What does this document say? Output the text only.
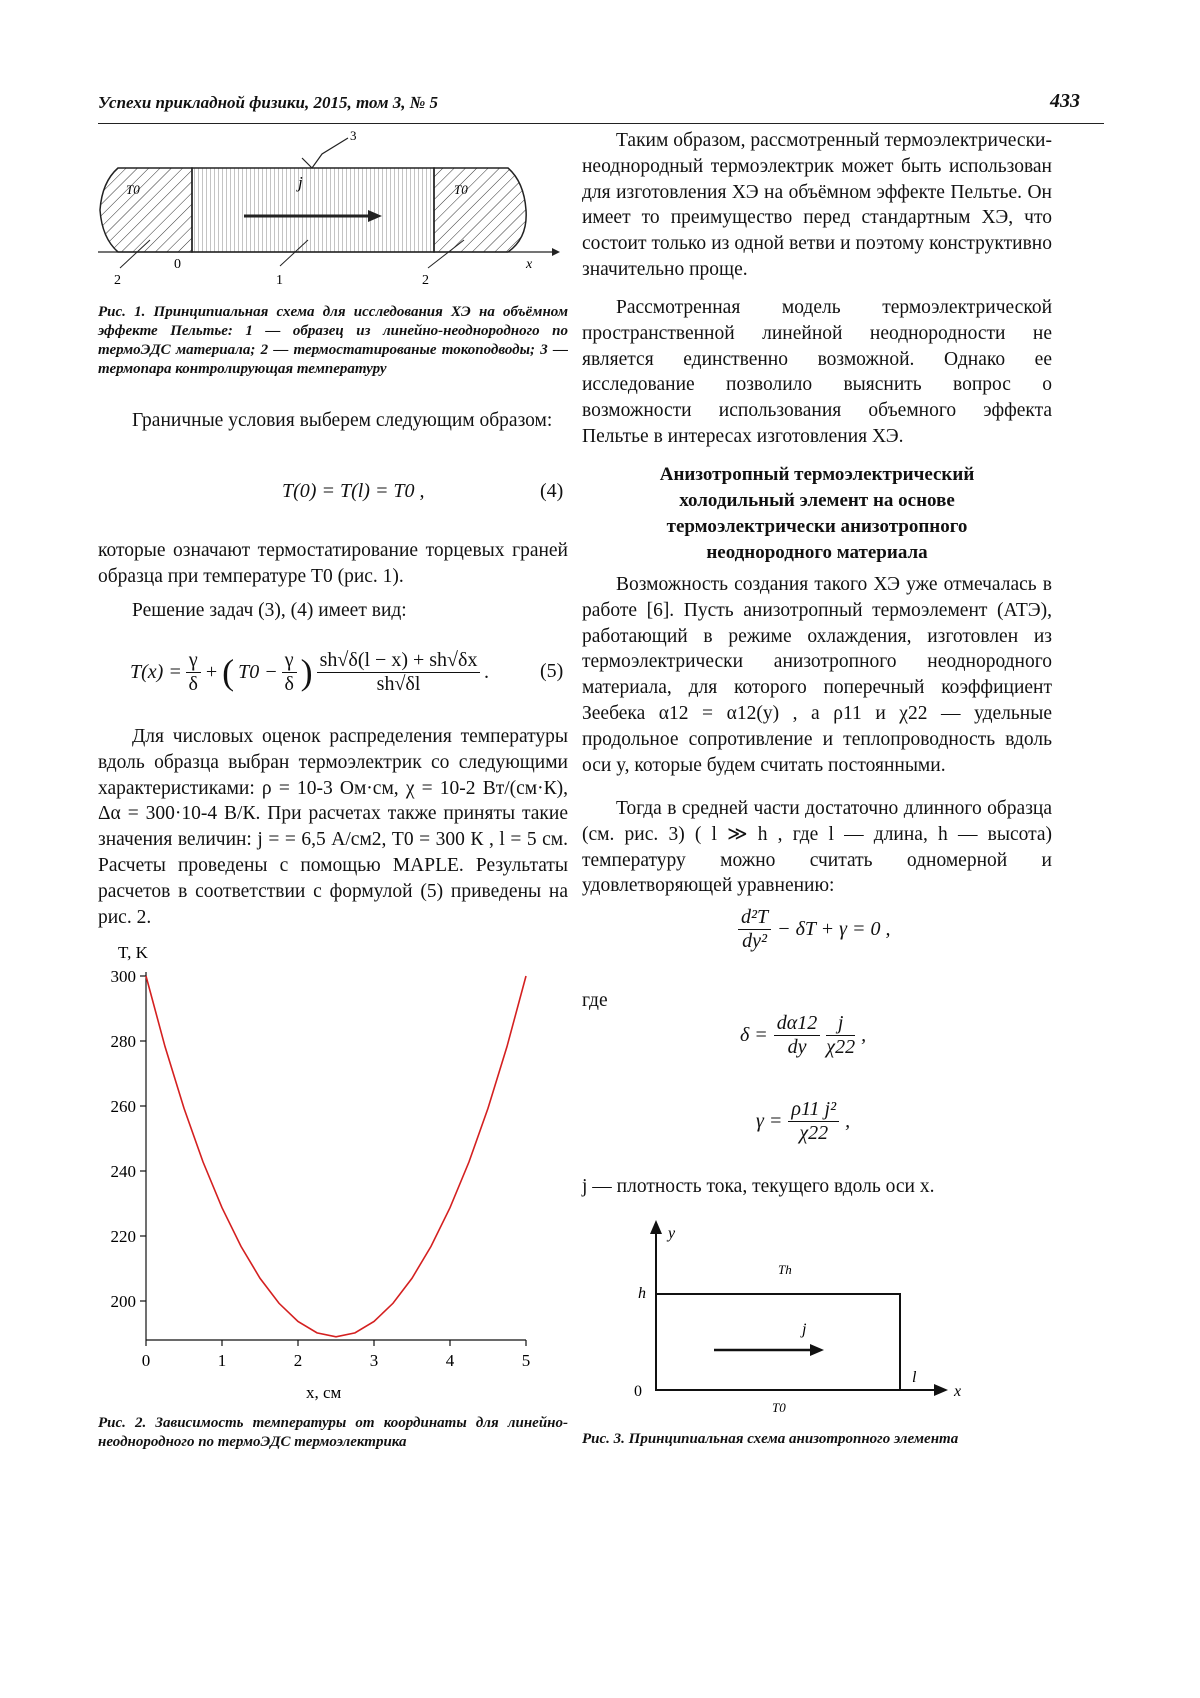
Успехи прикладной физики, 2015, том 3, № 5	433
3
j
T0	T0
0	x
2	1	2
Рис. 1. Принципиальная схема для исследования ХЭ на объёмном эффекте Пельтье: 1 — образец из линейно-неоднородного по термоЭДС материала; 2 — термостатированые токоподводы; 3 — термопара контролирующая температуру
Граничные условия выберем следующим образом:
T(0) = T(l) = T0 ,	(4)
которые означают термостатирование торцевых граней образца при температуре T0 (рис. 1).
Решение задач (3), (4) имеет вид:
$T(x) = \frac{\gamma}{\delta}$ + ( $T0 - \frac{\gamma}{\delta}$ ) $\frac{sh√\delta(l - x) + sh√\delta x}{sh√\delta l}$ .	(5)
Для числовых оценок распределения температуры вдоль образца выбран термоэлектрик со следующими характеристиками: ρ = 10-3 Ом·см, χ = 10-2 Вт/(см·К), Δα = 300·10-4 В/К. При расчетах также приняты такие значения величин: j = = 6,5 А/см2, T0 = 300 К , l = 5 см. Расчеты проведены с помощью MAPLE. Результаты расчетов в соответствии с формулой (5) приведены на рис. 2.
0	1	2	3	4	5
200
220
240
260
280
300
T, K
x, см
Рис. 2. Зависимость температуры от координаты для линейно-неоднородного по термоЭДС термоэлектрика
Таким образом, рассмотренный термоэлектрически-неоднородный термоэлектрик может быть использован для изготовления ХЭ на объёмном эффекте Пельтье. Он имеет то преимущество перед стандартным ХЭ, что состоит только из одной ветви и поэтому конструктивно значительно проще.
Рассмотренная модель термоэлектрической пространственной линейной неоднородности не является единственно возможной. Однако ее исследование позволило выяснить вопрос о возможности использования объемного эффекта Пельтье в интересах изготовления ХЭ.
Анизотропный термоэлектрический холодильный элемент на основе термоэлектрически анизотропного неоднородного материала
Возможность создания такого ХЭ уже отмечалась в работе [6]. Пусть анизотропный термоэлемент (АТЭ), работающий в режиме охлаждения, изготовлен из термоэлектрически анизотропного неоднородного материала, для которого поперечный коэффициент Зеебека α12 = α12(y) , а ρ11 и χ22 — удельные продольное сопротивление и теплопроводность вдоль оси y, которые будем считать постоянными.
Тогда в средней части достаточно длинного образца (см. рис. 3) ( l ≫ h , где l — длина, h — высота) температуру можно считать одномерной и удовлетворяющей уравнению:
$\frac{\text{d²T}}{\text{dy²}} - \delta T + \gamma = 0$ ,
где
$\delta = \frac{d\alpha 12}{dy} \frac{j}{\chi 22}$ ,
$\gamma = \frac{\text{ρ11 j²}}{\chi 22}$ ,
j — плотность тока, текущего вдоль оси x.
y
h
Th
j
l
0	x
T0
Рис. 3. Принципиальная схема анизотропного элемента
